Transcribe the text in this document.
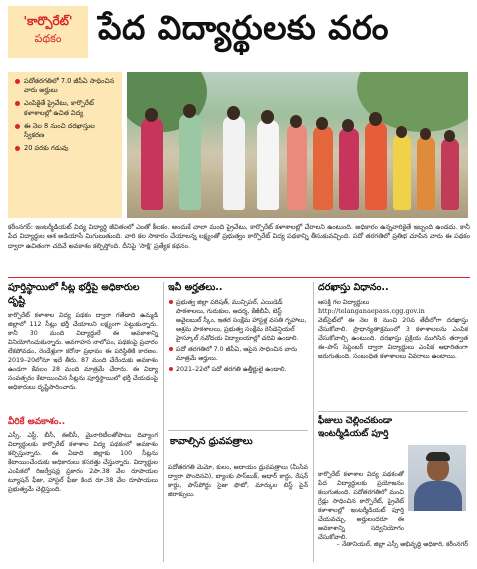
'కార్పొరేట్'
పథకం	పేద విద్యార్థులకు వరం
పదోతరగతిలో 7.0 జీపీఏ సాధించిన వారు అర్హులు
ఎంపికైతే ప్రైవేటు, కార్పొరేట్ కళాశాలల్లో ఉచిత విద్య
ఈ నెల 8 నుంచి దరఖాస్తుల స్వీకరణ
20 వరకు గడువు
కరీంనగర్: ఇంటర్మీడియట్ విద్య విద్యార్థి జీవితంలో ఎంతో కీలకం. అందుకే చాలా మంది ప్రైవేటు, కార్పొరేట్ కళాశాలల్లో చేరాలని ఉంటుంది. అధికారం ఉన్నవారికైతే ఇబ్బంది ఉండదు. కానీ పేద విద్యార్థుల ఆశ అడియాసే మిగులుతుంది. వారి కల సాకారం చేయాలన్న లక్ష్యంతో ప్రభుత్వం కార్పొరేట్ విద్య పథకాన్ని తీసుకువచ్చింది. పదో తరగతిలో ప్రతిభ చూపిన వారు ఈ పథకం ద్వారా ఉచితంగా చదివే అవకాశం కల్పిస్తోంది. దీనిపై 'సాక్షి' ప్రత్యేక కథనం.
పూర్తిస్థాయిలో సీట్ల భర్తీపై అధికారుల దృష్టి
కార్పొరేట్ కళాశాల విద్య పథకం ద్వారా గతేడాది ఉమ్మడి జిల్లాలో 112 సీట్లు భర్తీ చేయాలని లక్ష్యంగా పెట్టుకున్నారు. కానీ 30 మంది విద్యార్థులే ఈ అవకాశాన్ని వినియోగించుకున్నారు. అవగాహన నాలోపం, పథకంపై ప్రచారం లేకపోవడం, రెండేళ్లుగా కరోనా ప్రభావం ఈ పరిస్థితికి కారణం. 2019–20లోనూ ఇదే తీరు. 87 మంది చేరేందుకు అవకాశం ఉండగా కేవలం 28 మంది మాత్రమే చేరారు. ఈ విద్యా సంవత్సరం కేటాయించిన సీట్లను పూర్తిస్థాయిలో భర్తీ చేయడంపై అధికారులు దృష్టిసారించారు.
వీరికే అవకాశం..
ఎస్సీ, ఎస్టీ, బీసీ, ఈబీసీ, మైనారిటీలతోపాటు దివ్యాంగ విద్యార్థులకు కార్పొరేట్ కళాశాల విద్య పథకంలో అవకాశం కల్పిస్తున్నారు. ఈ ఏడాది జిల్లాకు 100 సీట్లను కేటాయించేందుకు అధికారులు కసరత్తు చేస్తున్నారు. విద్యార్థుల ఎంపికలో రిజర్వేషన్ల ప్రకారం 2పా.38 వేల రూపాయల ట్యూషన్ ఫీజు, హాస్టల్ ఫీజు కింద రూ.38 వేల రూపాయలు ప్రభుత్వమే చెల్లిస్తుంది.
ఇవీ అర్హతలు..
ప్రభుత్వ జిల్లా పరిషత్, మున్సిపల్, ఎయిడెడ్ పాఠశాలలు, గురుకుల, ఆదర్శ, కేజీబీవీ, బెస్ట్ అవైలబుల్ స్కీం, ఇతర సంక్షేమ హాస్టళ్ల వసతి గృహాలు, ఆశ్రమ పాఠశాలలు, ప్రభుత్వ సంక్షేమ రెసిడెన్షియల్ హైస్కూల్ నవోదయ విద్యాలయాల్లో చదివి ఉండాలి.
పదో తరగతిలో 7.0 జీపీఏ, ఆపైన సాధించిన వారు మాత్రమే అర్హులు.
2021–22లో పదో తరగతి ఉత్తీర్ణులై ఉండాలి.
కావాల్సిన ధ్రువపత్రాలు
పదోతరగతి మెమో, కులం, ఆదాయం ధ్రువపత్రాలు (మీసేవ ద్వారా పొందినవి), బ్యాంకు పాస్‌బుక్, ఆధార్ కార్డు, రేషన్ కార్డు, పాస్‌పోర్టు సైజు ఫొటో, మార్కుల లిస్ట్ పైన్ జిరాక్సులు.
దరఖాస్తు విధానం..
ఆసక్తి గల విద్యార్థులు
http://telanganaepass.cgg.gov.in
వెబ్‌సైట్‌లో ఈ నెల 8 నుంచి 20వ తేదీలోగా దరఖాస్తు చేసుకోవాలి. ప్రాధాన్యతాక్రమంలో 3 కళాశాలలను ఎంపిక చేసుకోవాల్సి ఉంటుంది. దరఖాస్తు ప్రక్రియ ముగిసిన తర్వాత ఈ–పాస్ సెప్టెంబర్ ద్వారా విద్యార్థులు ఎంపిక ఆధారితంగా జరుగుతుంది. సంబంధిత కళాశాలలు వివరాలు ఉంటాయి.
ఫీజులు చెల్లించకుండా ఇంటర్మీడియట్ పూర్తి
కార్పొరేట్ కళాశాల విద్య పథకంతో పేద విద్యార్థులకు ప్రయోజనం కలుగుతుంది. పదోతరగతిలో మంచి గ్రేడ్లు సాధించిన కార్పొరేట్, ప్రైవేట్ కళాశాలల్లో ఇంటర్మీడియట్ పూర్తి చేయవచ్చు. అర్హులందరూ ఈ అవకాశాన్ని సద్వినియోగం చేసుకోవాలి.
– నేతానియల్, జిల్లా ఎస్సీ అభివృద్ధి అధికారి, కరీంనగర్
